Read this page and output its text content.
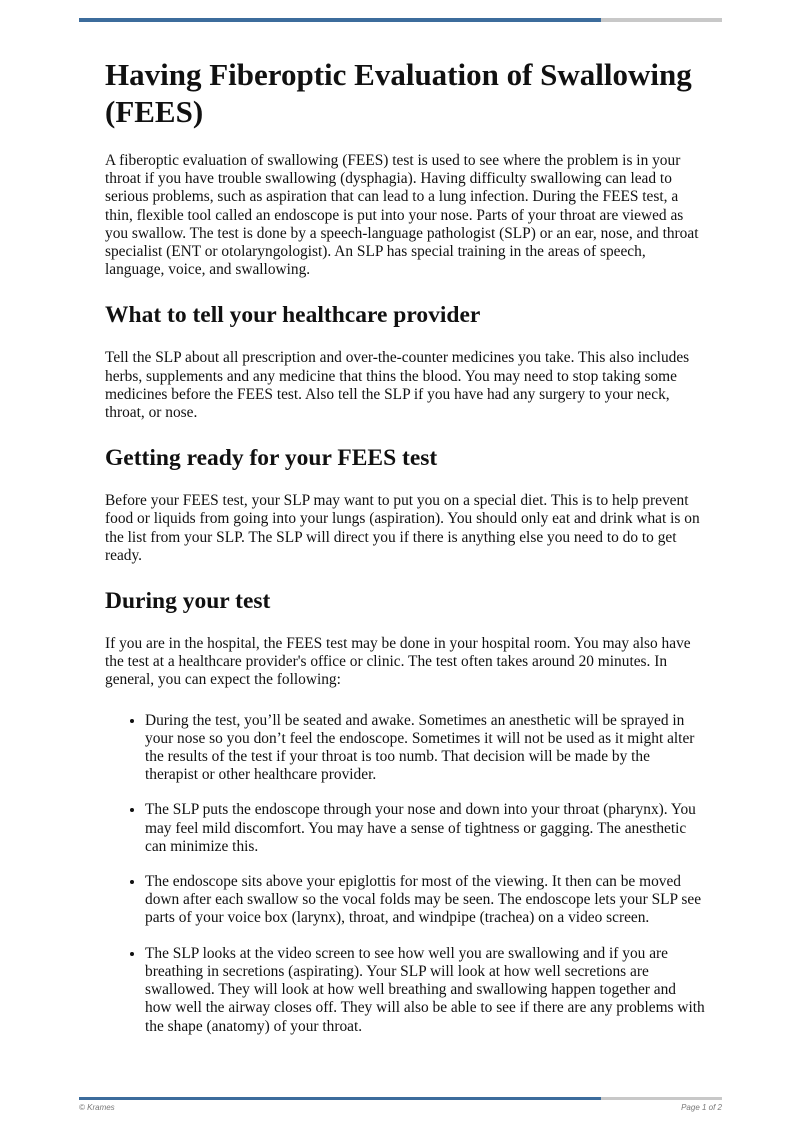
Having Fiberoptic Evaluation of Swallowing (FEES)

A fiberoptic evaluation of swallowing (FEES) test is used to see where the problem is in your throat if you have trouble swallowing (dysphagia). Having difficulty swallowing can lead to serious problems, such as aspiration that can lead to a lung infection. During the FEES test, a thin, flexible tool called an endoscope is put into your nose. Parts of your throat are viewed as you swallow. The test is done by a speech-language pathologist (SLP) or an ear, nose, and throat specialist (ENT or otolaryngologist). An SLP has special training in the areas of speech, language, voice, and swallowing.

What to tell your healthcare provider

Tell the SLP about all prescription and over-the-counter medicines you take. This also includes herbs, supplements and any medicine that thins the blood. You may need to stop taking some medicines before the FEES test. Also tell the SLP if you have had any surgery to your neck, throat, or nose.

Getting ready for your FEES test

Before your FEES test, your SLP may want to put you on a special diet. This is to help prevent food or liquids from going into your lungs (aspiration). You should only eat and drink what is on the list from your SLP. The SLP will direct you if there is anything else you need to do to get ready.

During your test

If you are in the hospital, the FEES test may be done in your hospital room. You may also have the test at a healthcare provider's office or clinic. The test often takes around 20 minutes. In general, you can expect the following:

• During the test, you’ll be seated and awake. Sometimes an anesthetic will be sprayed in your nose so you don’t feel the endoscope. Sometimes it will not be used as it might alter the results of the test if your throat is too numb. That decision will be made by the therapist or other healthcare provider.
• The SLP puts the endoscope through your nose and down into your throat (pharynx). You may feel mild discomfort. You may have a sense of tightness or gagging. The anesthetic can minimize this.
• The endoscope sits above your epiglottis for most of the viewing. It then can be moved down after each swallow so the vocal folds may be seen. The endoscope lets your SLP see parts of your voice box (larynx), throat, and windpipe (trachea) on a video screen.
• The SLP looks at the video screen to see how well you are swallowing and if you are breathing in secretions (aspirating). Your SLP will look at how well secretions are swallowed. They will look at how well breathing and swallowing happen together and how well the airway closes off. They will also be able to see if there are any problems with the shape (anatomy) of your throat.
© Krames	Page 1 of 2
